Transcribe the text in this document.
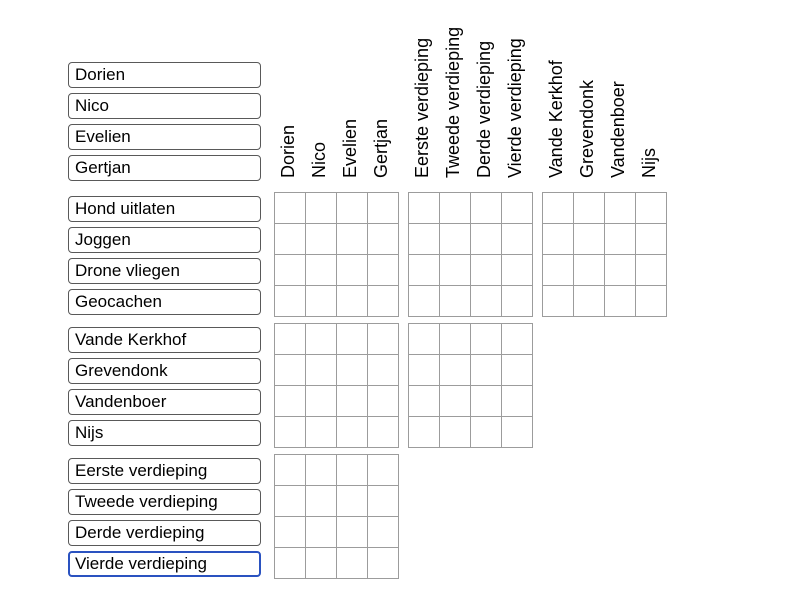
Dorien Nico Evelien Gertjan	Eerste verdieping Tweede verdieping Derde verdieping Vierde verdieping	Vande Kerkhof Grevendonk Vandenboer Nijs
Dorien
Nico
Evelien
Gertjan
Hond uitlaten
Joggen
Drone vliegen
Geocachen
Vande Kerkhof
Grevendonk
Vandenboer
Nijs
Eerste verdieping
Tweede verdieping
Derde verdieping
Vierde verdieping
